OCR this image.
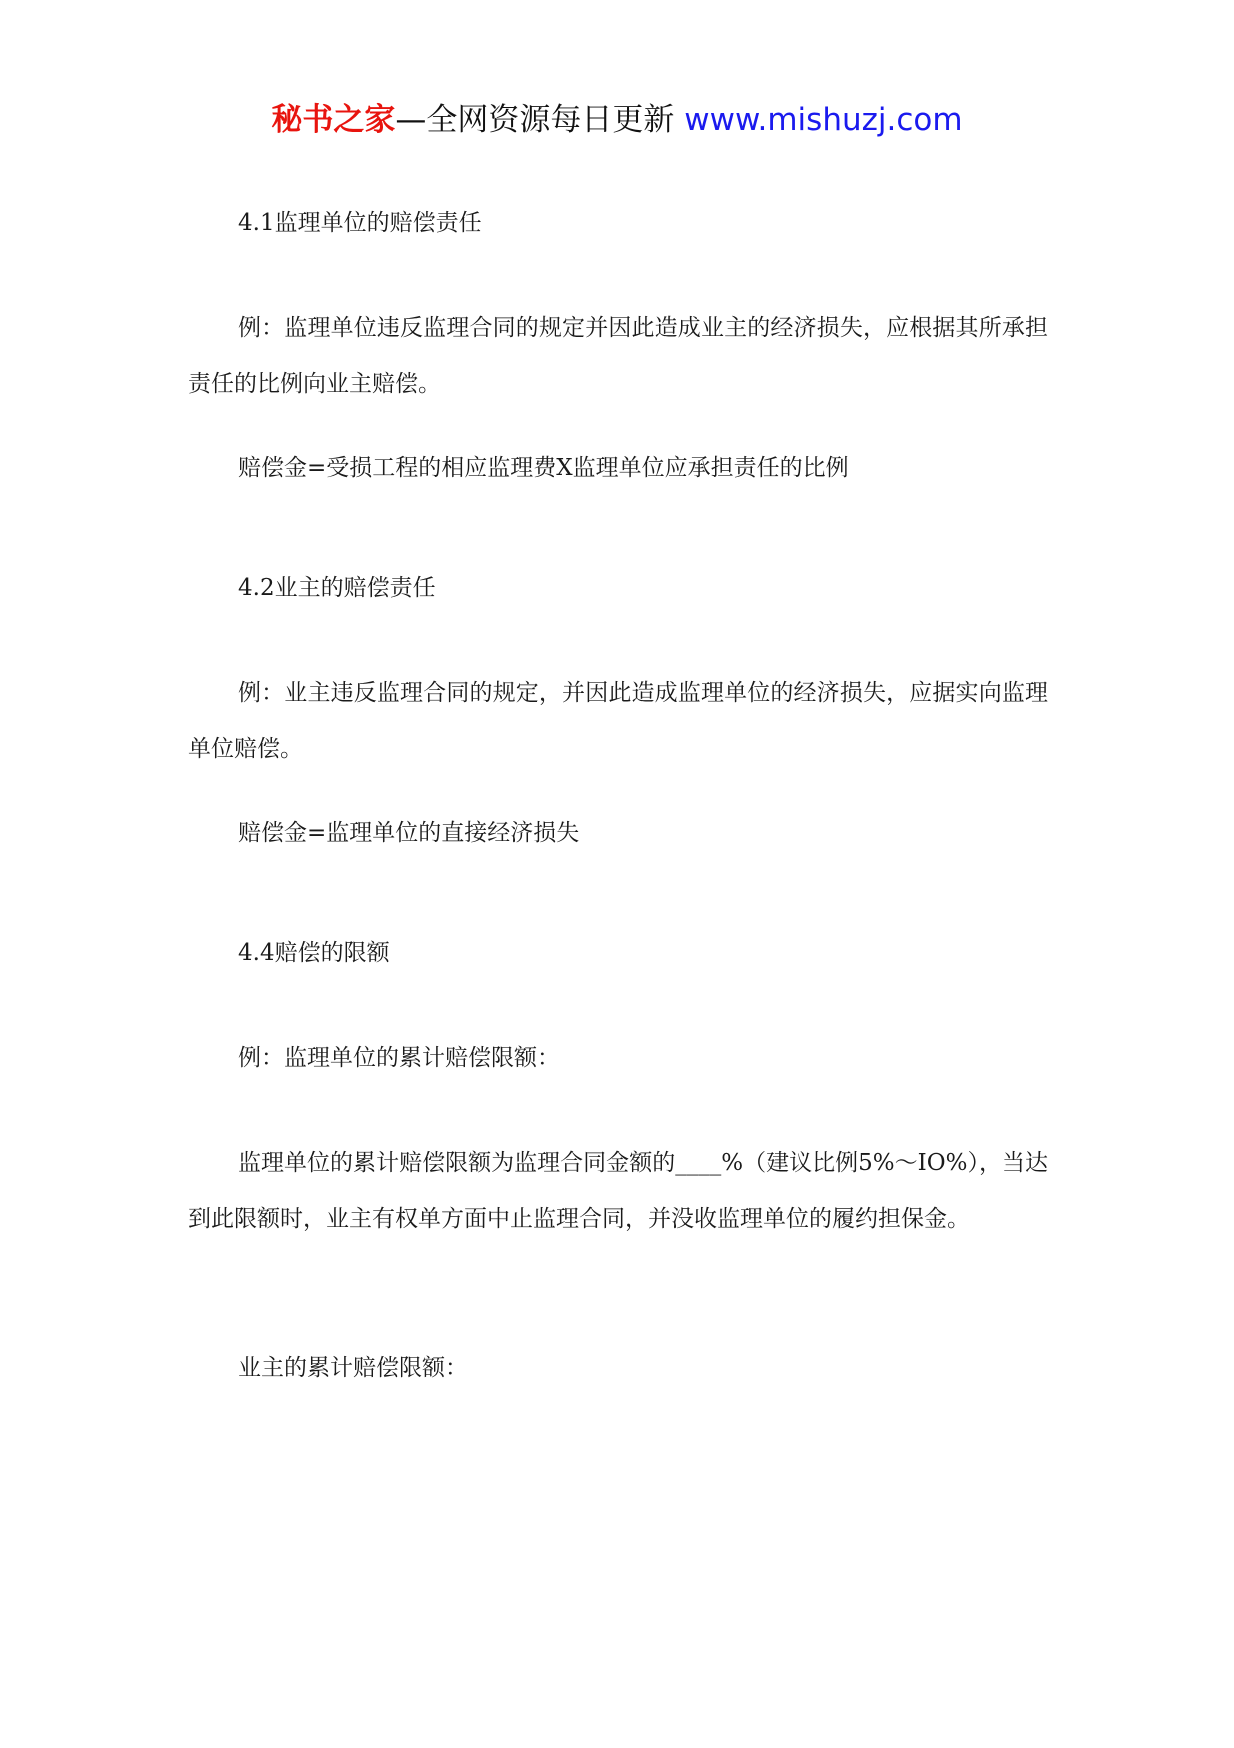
秘书之家—全网资源每日更新 www.mishuzj.com

4.1监理单位的赔偿责任

例：监理单位违反监理合同的规定并因此造成业主的经济损失，应根据其所承担责任的比例向业主赔偿。

赔偿金=受损工程的相应监理费X监理单位应承担责任的比例

4.2业主的赔偿责任

例：业主违反监理合同的规定，并因此造成监理单位的经济损失，应据实向监理单位赔偿。

赔偿金=监理单位的直接经济损失

4.4赔偿的限额

例：监理单位的累计赔偿限额：

监理单位的累计赔偿限额为监理合同金额的____%（建议比例5%～IO%），当达到此限额时，业主有权单方面中止监理合同，并没收监理单位的履约担保金。

业主的累计赔偿限额：
